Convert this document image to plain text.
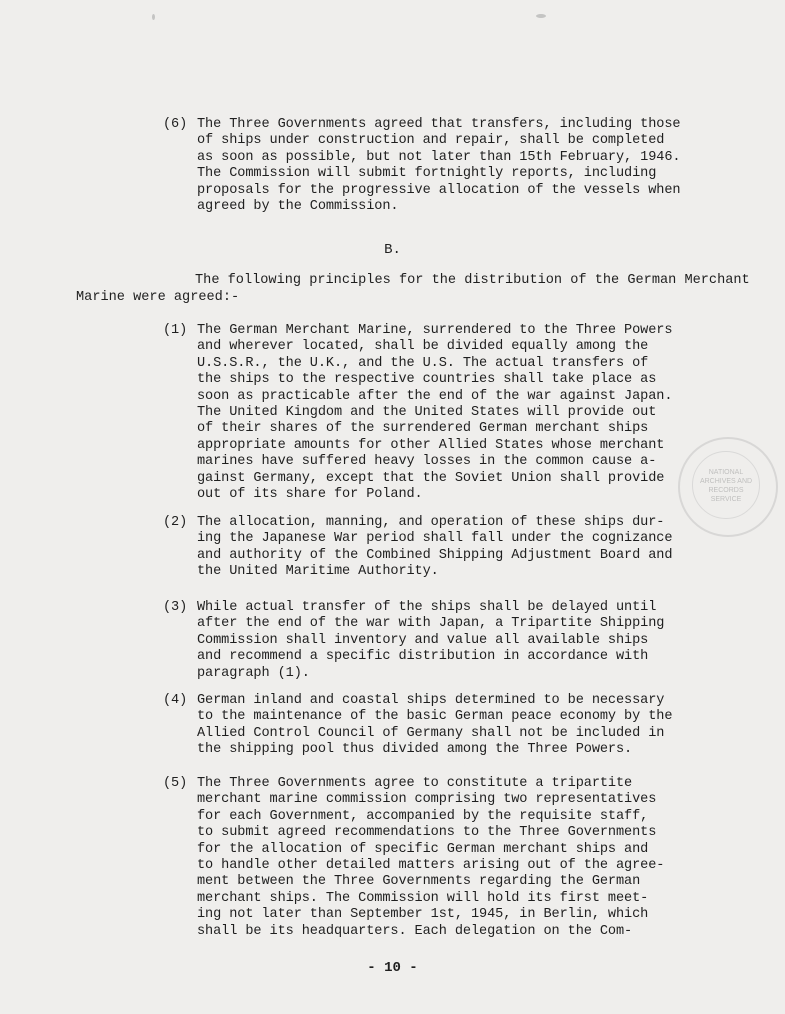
(6) The Three Governments agreed that transfers, including those
of ships under construction and repair, shall be completed
as soon as possible, but not later than 15th February, 1946.
The Commission will submit fortnightly reports, including
proposals for the progressive allocation of the vessels when
agreed by the Commission.
B.
The following principles for the distribution of the German Merchant
Marine were agreed:-
(1) The German Merchant Marine, surrendered to the Three Powers
and wherever located, shall be divided equally among the
U.S.S.R., the U.K., and the U.S. The actual transfers of
the ships to the respective countries shall take place as
soon as practicable after the end of the war against Japan.
The United Kingdom and the United States will provide out
of their shares of the surrendered German merchant ships
appropriate amounts for other Allied States whose merchant
marines have suffered heavy losses in the common cause a-
gainst Germany, except that the Soviet Union shall provide
out of its share for Poland.
(2) The allocation, manning, and operation of these ships dur-
ing the Japanese War period shall fall under the cognizance
and authority of the Combined Shipping Adjustment Board and
the United Maritime Authority.
(3) While actual transfer of the ships shall be delayed until
after the end of the war with Japan, a Tripartite Shipping
Commission shall inventory and value all available ships
and recommend a specific distribution in accordance with
paragraph (1).
(4) German inland and coastal ships determined to be necessary
to the maintenance of the basic German peace economy by the
Allied Control Council of Germany shall not be included in
the shipping pool thus divided among the Three Powers.
(5) The Three Governments agree to constitute a tripartite
merchant marine commission comprising two representatives
for each Government, accompanied by the requisite staff,
to submit agreed recommendations to the Three Governments
for the allocation of specific German merchant ships and
to handle other detailed matters arising out of the agree-
ment between the Three Governments regarding the German
merchant ships. The Commission will hold its first meet-
ing not later than September 1st, 1945, in Berlin, which
shall be its headquarters. Each delegation on the Com-
NATIONAL
ARCHIVES AND
RECORDS
SERVICE
- 10 -
